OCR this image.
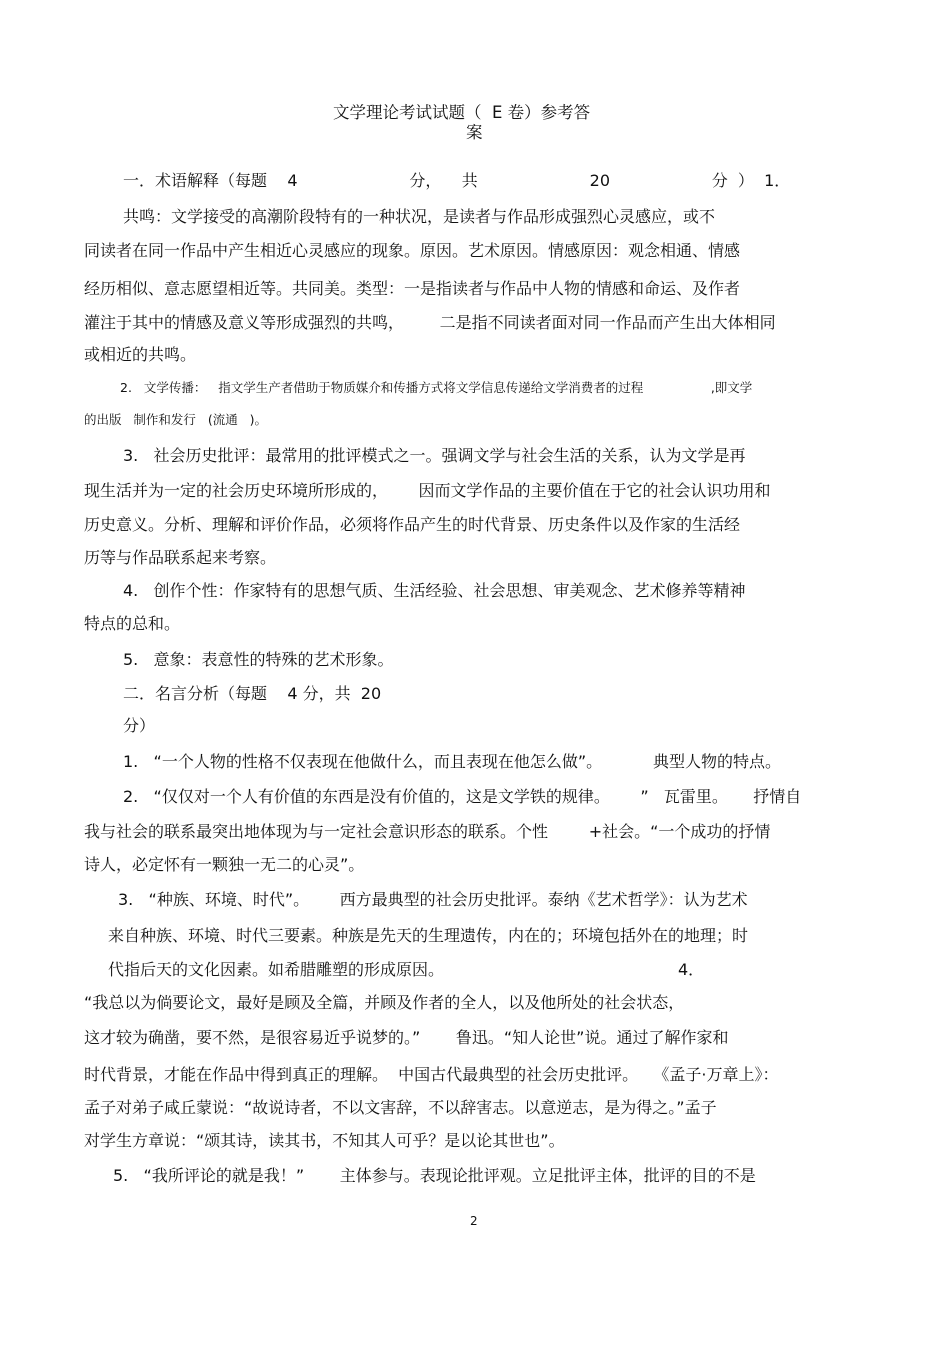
文学理论考试试题（  E 卷）参考答

案

一．术语解释（每题    4                      分，    共                      20                    分  ）  1．

共鸣：文学接受的高潮阶段特有的一种状况，是读者与作品形成强烈心灵感应，或不

同读者在同一作品中产生相近心灵感应的现象。原因。艺术原因。情感原因：观念相通、情感

经历相似、意志愿望相近等。共同美。类型：一是指读者与作品中人物的情感和命运、及作者

灌注于其中的情感及意义等形成强烈的共鸣，       二是指不同读者面对同一作品而产生出大体相同

或相近的共鸣。

2.   文学传播：   指文学生产者借助于物质媒介和传播方式将文学信息传递给文学消费者的过程                 ,即文学

的出版   制作和发行   (流通   )。

3.   社会历史批评：最常用的批评模式之一。强调文学与社会生活的关系，认为文学是再

现生活并为一定的社会历史环境所形成的，      因而文学作品的主要价值在于它的社会认识功用和

历史意义。分析、理解和评价作品，必须将作品产生的时代背景、历史条件以及作家的生活经

历等与作品联系起来考察。

4.   创作个性：作家特有的思想气质、生活经验、社会思想、审美观念、艺术修养等精神

特点的总和。

5.   意象：表意性的特殊的艺术形象。

二．名言分析（每题    4 分，共  20

分）

1.   “一个人物的性格不仅表现在他做什么，而且表现在他怎么做”。          典型人物的特点。

2.   “仅仅对一个人有价值的东西是没有价值的，这是文学铁的规律。      ”   瓦雷里。     抒情自

我与社会的联系最突出地体现为与一定社会意识形态的联系。个性        +社会。“一个成功的抒情

诗人，必定怀有一颗独一无二的心灵”。

3.   “种族、环境、时代”。      西方最典型的社会历史批评。泰纳《艺术哲学》：认为艺术

来自种族、环境、时代三要素。种族是先天的生理遗传，内在的；环境包括外在的地理；时

代指后天的文化因素。如希腊雕塑的形成原因。                                              4．

“我总以为倘要论文，最好是顾及全篇，并顾及作者的全人，以及他所处的社会状态，

这才较为确凿，要不然，是很容易近乎说梦的。”       鲁迅。“知人论世”说。通过了解作家和

时代背景，才能在作品中得到真正的理解。  中国古代最典型的社会历史批评。   《孟子·万章上》：

孟子对弟子咸丘蒙说：“故说诗者，不以文害辞，不以辞害志。以意逆志，是为得之。”孟子

对学生方章说：“颂其诗，读其书，不知其人可乎？是以论其世也”。

5.   “我所评论的就是我！”       主体参与。表现论批评观。立足批评主体，批评的目的不是

2
